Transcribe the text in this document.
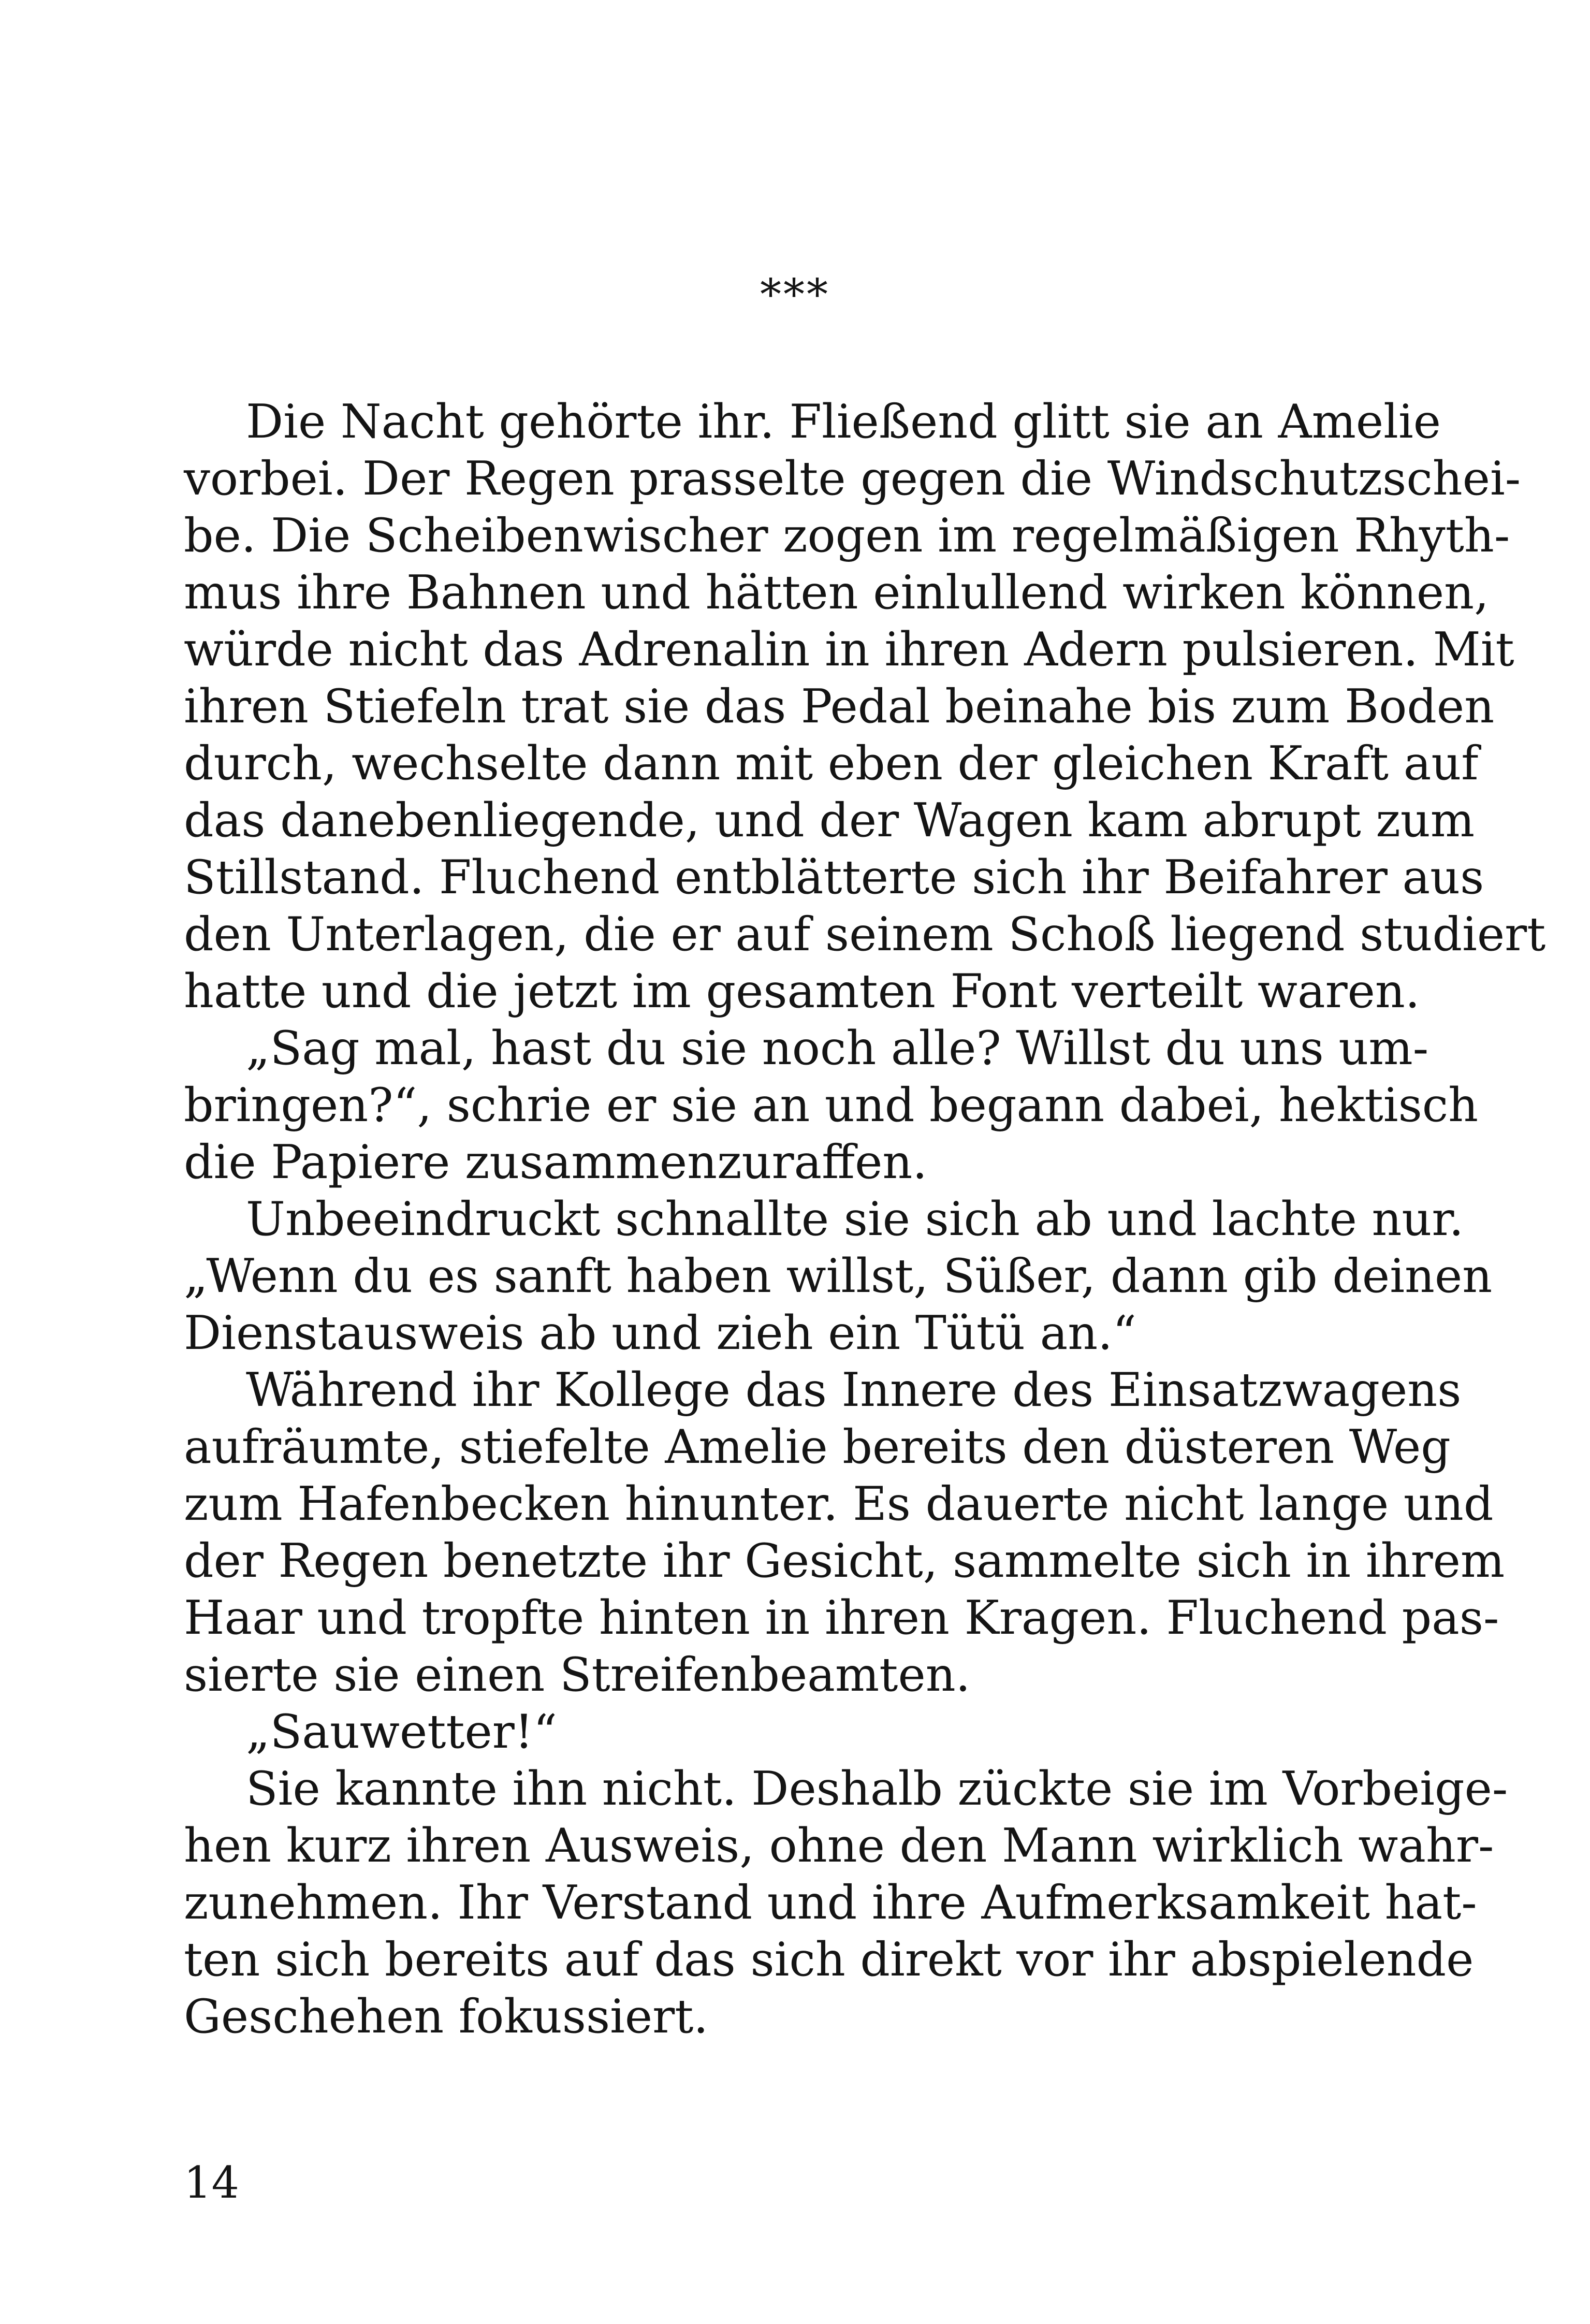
***
Die Nacht gehörte ihr. Fließend glitt sie an Amelie
vorbei. Der Regen prasselte gegen die Windschutzschei-
be. Die Scheibenwischer zogen im regelmäßigen Rhyth-
mus ihre Bahnen und hätten einlullend wirken können,
würde nicht das Adrenalin in ihren Adern pulsieren. Mit
ihren Stiefeln trat sie das Pedal beinahe bis zum Boden
durch, wechselte dann mit eben der gleichen Kraft auf
das danebenliegende, und der Wagen kam abrupt zum
Stillstand. Fluchend entblätterte sich ihr Beifahrer aus
den Unterlagen, die er auf seinem Schoß liegend studiert
hatte und die jetzt im gesamten Font verteilt waren.
„Sag mal, hast du sie noch alle? Willst du uns um-
bringen?“, schrie er sie an und begann dabei, hektisch
die Papiere zusammenzuraffen.
Unbeeindruckt schnallte sie sich ab und lachte nur.
„Wenn du es sanft haben willst, Süßer, dann gib deinen
Dienstausweis ab und zieh ein Tütü an.“
Während ihr Kollege das Innere des Einsatzwagens
aufräumte, stiefelte Amelie bereits den düsteren Weg
zum Hafenbecken hinunter. Es dauerte nicht lange und
der Regen benetzte ihr Gesicht, sammelte sich in ihrem
Haar und tropfte hinten in ihren Kragen. Fluchend pas-
sierte sie einen Streifenbeamten.
„Sauwetter!“
Sie kannte ihn nicht. Deshalb zückte sie im Vorbeige-
hen kurz ihren Ausweis, ohne den Mann wirklich wahr-
zunehmen. Ihr Verstand und ihre Aufmerksamkeit hat-
ten sich bereits auf das sich direkt vor ihr abspielende
Geschehen fokussiert.
14
